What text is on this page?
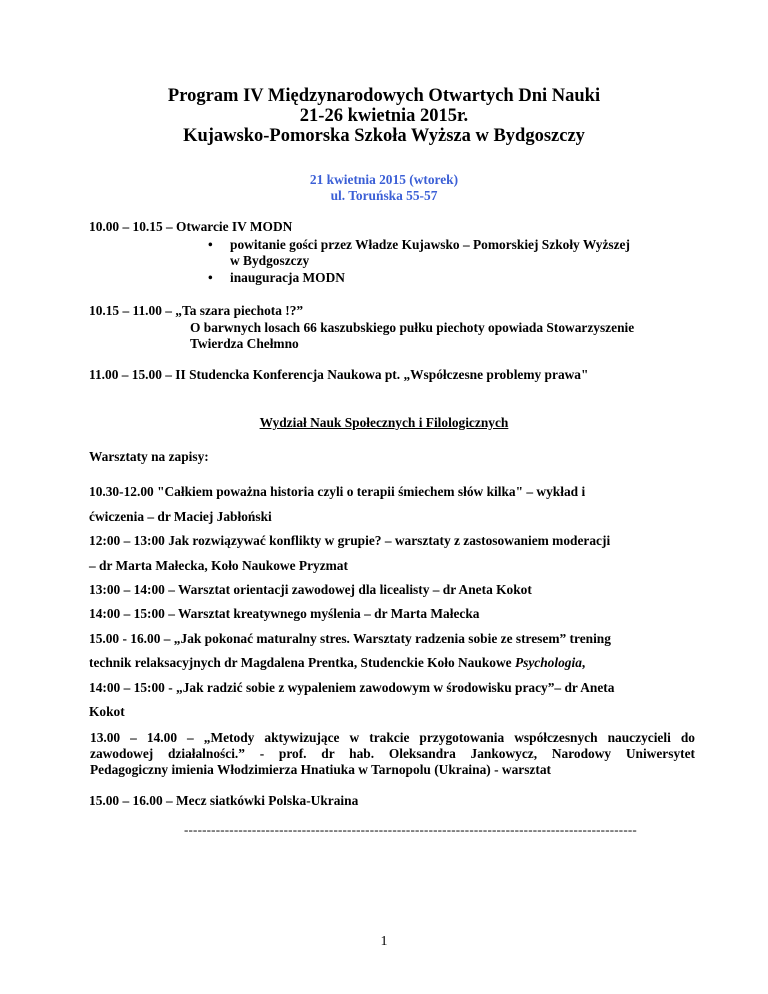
Program IV Międzynarodowych Otwartych Dni Nauki
21-26 kwietnia 2015r.
Kujawsko-Pomorska Szkoła Wyższa w Bydgoszczy
21 kwietnia 2015 (wtorek)
ul. Toruńska 55-57
10.00 – 10.15 – Otwarcie IV MODN
• powitanie gości przez Władze Kujawsko – Pomorskiej Szkoły Wyższej
w Bydgoszczy
• inauguracja MODN
10.15 – 11.00 – „Ta szara piechota !?”
O barwnych losach 66 kaszubskiego pułku piechoty opowiada Stowarzyszenie
Twierdza Chełmno
11.00 – 15.00 – II Studencka Konferencja Naukowa pt. „Współczesne problemy prawa"
Wydział Nauk Społecznych i Filologicznych
Warsztaty na zapisy:
10.30-12.00 "Całkiem poważna historia czyli o terapii śmiechem słów kilka" – wykład i
ćwiczenia – dr Maciej Jabłoński
12:00 – 13:00 Jak rozwiązywać konflikty w grupie? – warsztaty z zastosowaniem moderacji
– dr Marta Małecka, Koło Naukowe Pryzmat
13:00 – 14:00 – Warsztat orientacji zawodowej dla licealisty – dr Aneta Kokot
14:00 – 15:00 – Warsztat kreatywnego myślenia – dr Marta Małecka
15.00 - 16.00 – „Jak pokonać maturalny stres. Warsztaty radzenia sobie ze stresem” trening
technik relaksacyjnych dr Magdalena Prentka, Studenckie Koło Naukowe Psychologia,
14:00 – 15:00 - „Jak radzić sobie z wypaleniem zawodowym w środowisku pracy”– dr Aneta
Kokot
13.00 – 14.00 – „Metody aktywizujące w trakcie przygotowania współczesnych nauczycieli do
zawodowej działalności.” - prof. dr hab. Oleksandra Jankowycz, Narodowy Uniwersytet
Pedagogiczny imienia Włodzimierza Hnatiuka w Tarnopolu (Ukraina) - warsztat
15.00 – 16.00 – Mecz siatkówki Polska-Ukraina
----------------------------------------------------------------------------------------------------
1
